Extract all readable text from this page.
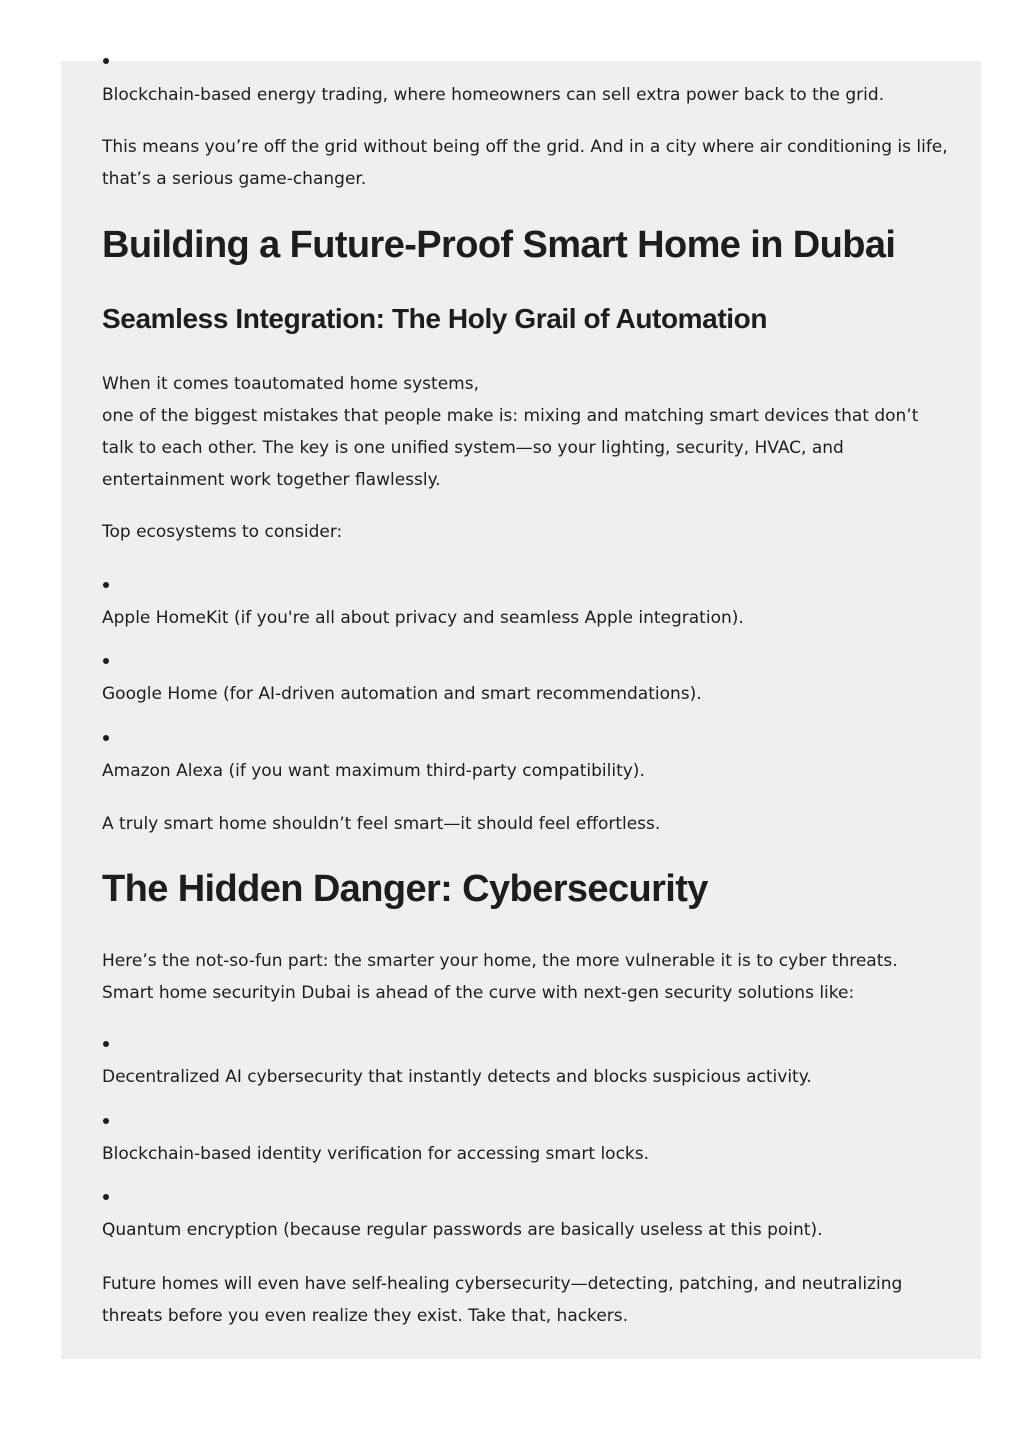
Blockchain-based energy trading, where homeowners can sell extra power back to the grid.

This means you’re off the grid without being off the grid. And in a city where air conditioning is life,

that’s a serious game-changer.

Building a Future-Proof Smart Home in Dubai
Seamless Integration: The Holy Grail of Automation

When it comes toautomated home systems,

one of the biggest mistakes that people make is: mixing and matching smart devices that don’t

talk to each other. The key is one unified system—so your lighting, security, HVAC, and

entertainment work together flawlessly.

Top ecosystems to consider:

Apple HomeKit (if you're all about privacy and seamless Apple integration).

Google Home (for AI-driven automation and smart recommendations).

Amazon Alexa (if you want maximum third-party compatibility).

A truly smart home shouldn’t feel smart—it should feel effortless.

The Hidden Danger: Cybersecurity

Here’s the not-so-fun part: the smarter your home, the more vulnerable it is to cyber threats.

Smart home securityin Dubai is ahead of the curve with next-gen security solutions like:

Decentralized AI cybersecurity that instantly detects and blocks suspicious activity.

Blockchain-based identity verification for accessing smart locks.

Quantum encryption (because regular passwords are basically useless at this point).

Future homes will even have self-healing cybersecurity—detecting, patching, and neutralizing

threats before you even realize they exist. Take that, hackers.
